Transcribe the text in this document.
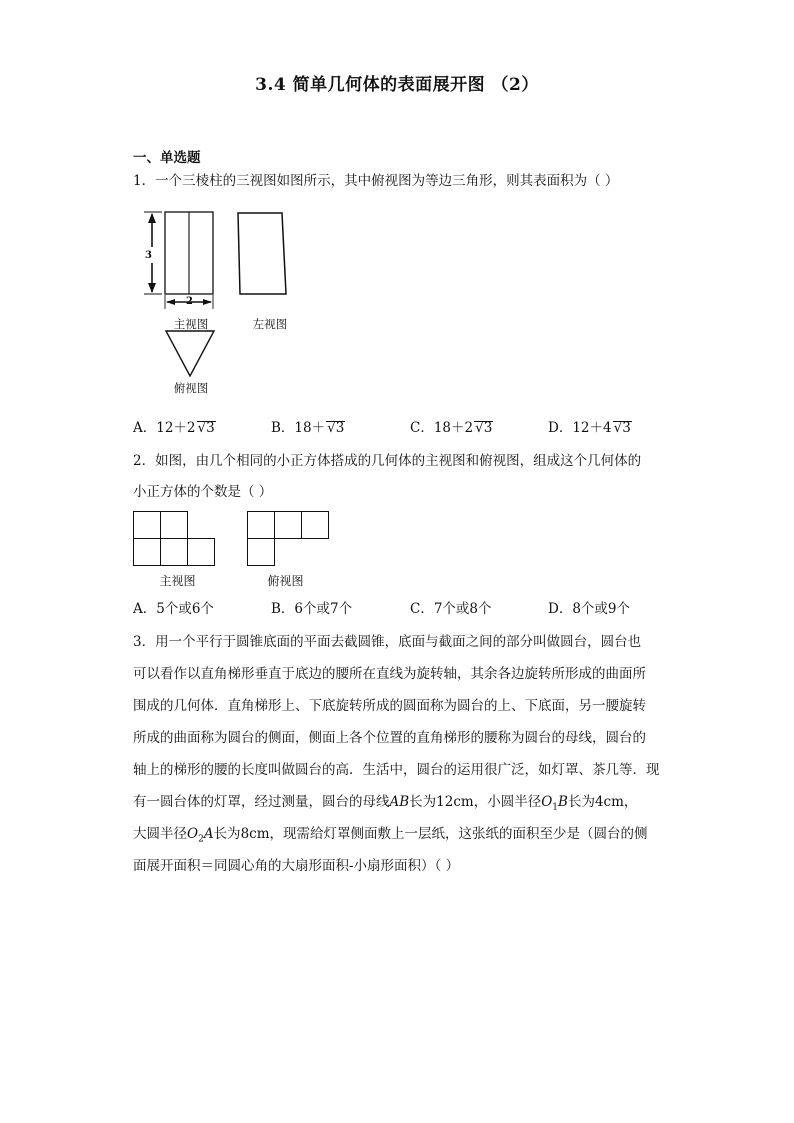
3.4 简单几何体的表面展开图 （2）
一、单选题
1．一个三棱柱的三视图如图所示，其中俯视图为等边三角形，则其表面积为（ ）
3
2
主视图	左视图
俯视图
A．12＋2 √3	B．18＋ √3	C．18＋2 √3	D．12＋4 √3
2．如图，由几个相同的小正方体搭成的几何体的主视图和俯视图，组成这个几何体的
小正方体的个数是（ ）
主视图	俯视图
A．5个或6个	B．6个或7个	C．7个或8个	D．8个或9个
3．用一个平行于圆锥底面的平面去截圆锥，底面与截面之间的部分叫做圆台，圆台也
可以看作以直角梯形垂直于底边的腰所在直线为旋转轴，其余各边旋转所形成的曲面所
围成的几何体．直角梯形上、下底旋转所成的圆面称为圆台的上、下底面，另一腰旋转
所成的曲面称为圆台的侧面，侧面上各个位置的直角梯形的腰称为圆台的母线，圆台的
轴上的梯形的腰的长度叫做圆台的高．生活中，圆台的运用很广泛，如灯罩、茶几等．现
有一圆台体的灯罩，经过测量，圆台的母线AB长为12cm，小圆半径$O_1B$长为4cm，
大圆半径$O_2A$长为8cm，现需给灯罩侧面敷上一层纸，这张纸的面积至少是（圆台的侧
面展开面积＝同圆心角的大扇形面积-小扇形面积）（ ）
